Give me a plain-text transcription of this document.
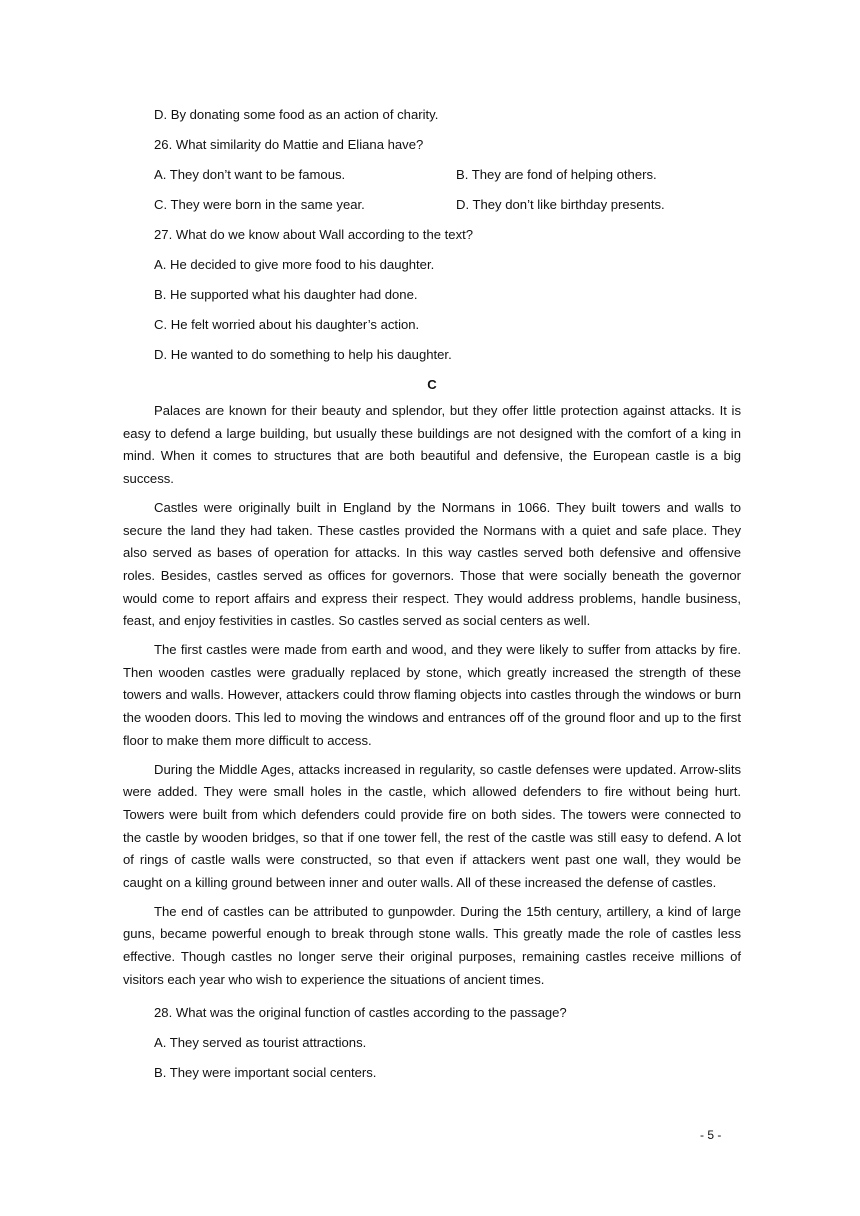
D. By donating some food as an action of charity.
26. What similarity do Mattie and Eliana have?
A. They don’t want to be famous.	B. They are fond of helping others.
C. They were born in the same year.	D. They don’t like birthday presents.
27. What do we know about Wall according to the text?
A. He decided to give more food to his daughter.
B. He supported what his daughter had done.
C. He felt worried about his daughter’s action.
D. He wanted to do something to help his daughter.
C

Palaces are known for their beauty and splendor, but they offer little protection against attacks. It is easy to defend a large building, but usually these buildings are not designed with the comfort of a king in mind. When it comes to structures that are both beautiful and defensive, the European castle is a big success.

Castles were originally built in England by the Normans in 1066. They built towers and walls to secure the land they had taken. These castles provided the Normans with a quiet and safe place. They also served as bases of operation for attacks. In this way castles served both defensive and offensive roles. Besides, castles served as offices for governors. Those that were socially beneath the governor would come to report affairs and express their respect. They would address problems, handle business, feast, and enjoy festivities in castles. So castles served as social centers as well.

The first castles were made from earth and wood, and they were likely to suffer from attacks by fire. Then wooden castles were gradually replaced by stone, which greatly increased the strength of these towers and walls. However, attackers could throw flaming objects into castles through the windows or burn the wooden doors. This led to moving the windows and entrances off of the ground floor and up to the first floor to make them more difficult to access.

During the Middle Ages, attacks increased in regularity, so castle defenses were updated. Arrow-slits were added. They were small holes in the castle, which allowed defenders to fire without being hurt. Towers were built from which defenders could provide fire on both sides. The towers were connected to the castle by wooden bridges, so that if one tower fell, the rest of the castle was still easy to defend. A lot of rings of castle walls were constructed, so that even if attackers went past one wall, they would be caught on a killing ground between inner and outer walls. All of these increased the defense of castles.

The end of castles can be attributed to gunpowder. During the 15th century, artillery, a kind of large guns, became powerful enough to break through stone walls. This greatly made the role of castles less effective. Though castles no longer serve their original purposes, remaining castles receive millions of visitors each year who wish to experience the situations of ancient times.

28. What was the original function of castles according to the passage?
A. They served as tourist attractions.
B. They were important social centers.
- 5 -
